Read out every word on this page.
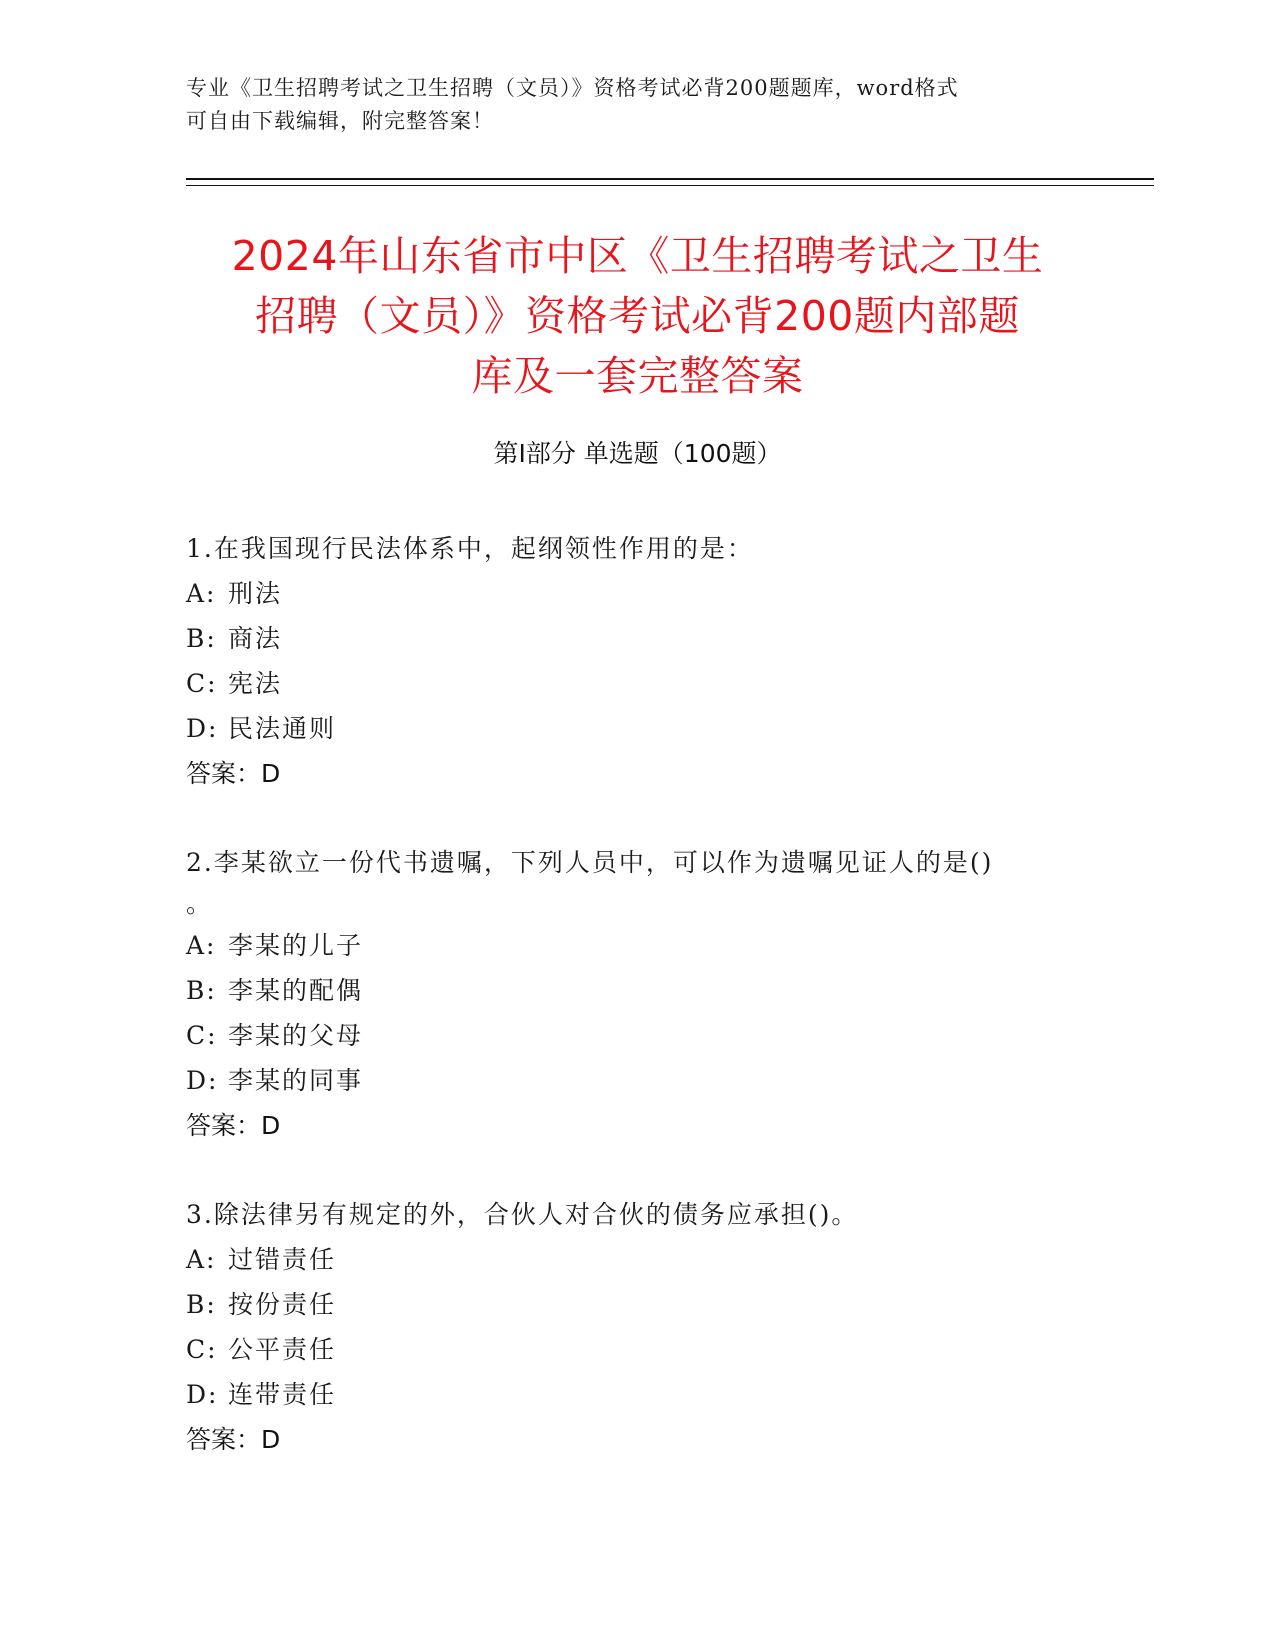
专业《卫生招聘考试之卫生招聘（文员）》资格考试必背200题题库，word格式
可自由下载编辑，附完整答案！
2024年山东省市中区《卫生招聘考试之卫生
招聘（文员）》资格考试必背200题内部题
库及一套完整答案
第Ⅰ部分 单选题（100题）
1.在我国现行民法体系中，起纲领性作用的是：
A: 刑法
B: 商法
C: 宪法
D: 民法通则
答案：D
2.李某欲立一份代书遗嘱，下列人员中，可以作为遗嘱见证人的是()
。
A: 李某的儿子
B: 李某的配偶
C: 李某的父母
D: 李某的同事
答案：D
3.除法律另有规定的外，合伙人对合伙的债务应承担()。
A: 过错责任
B: 按份责任
C: 公平责任
D: 连带责任
答案：D
